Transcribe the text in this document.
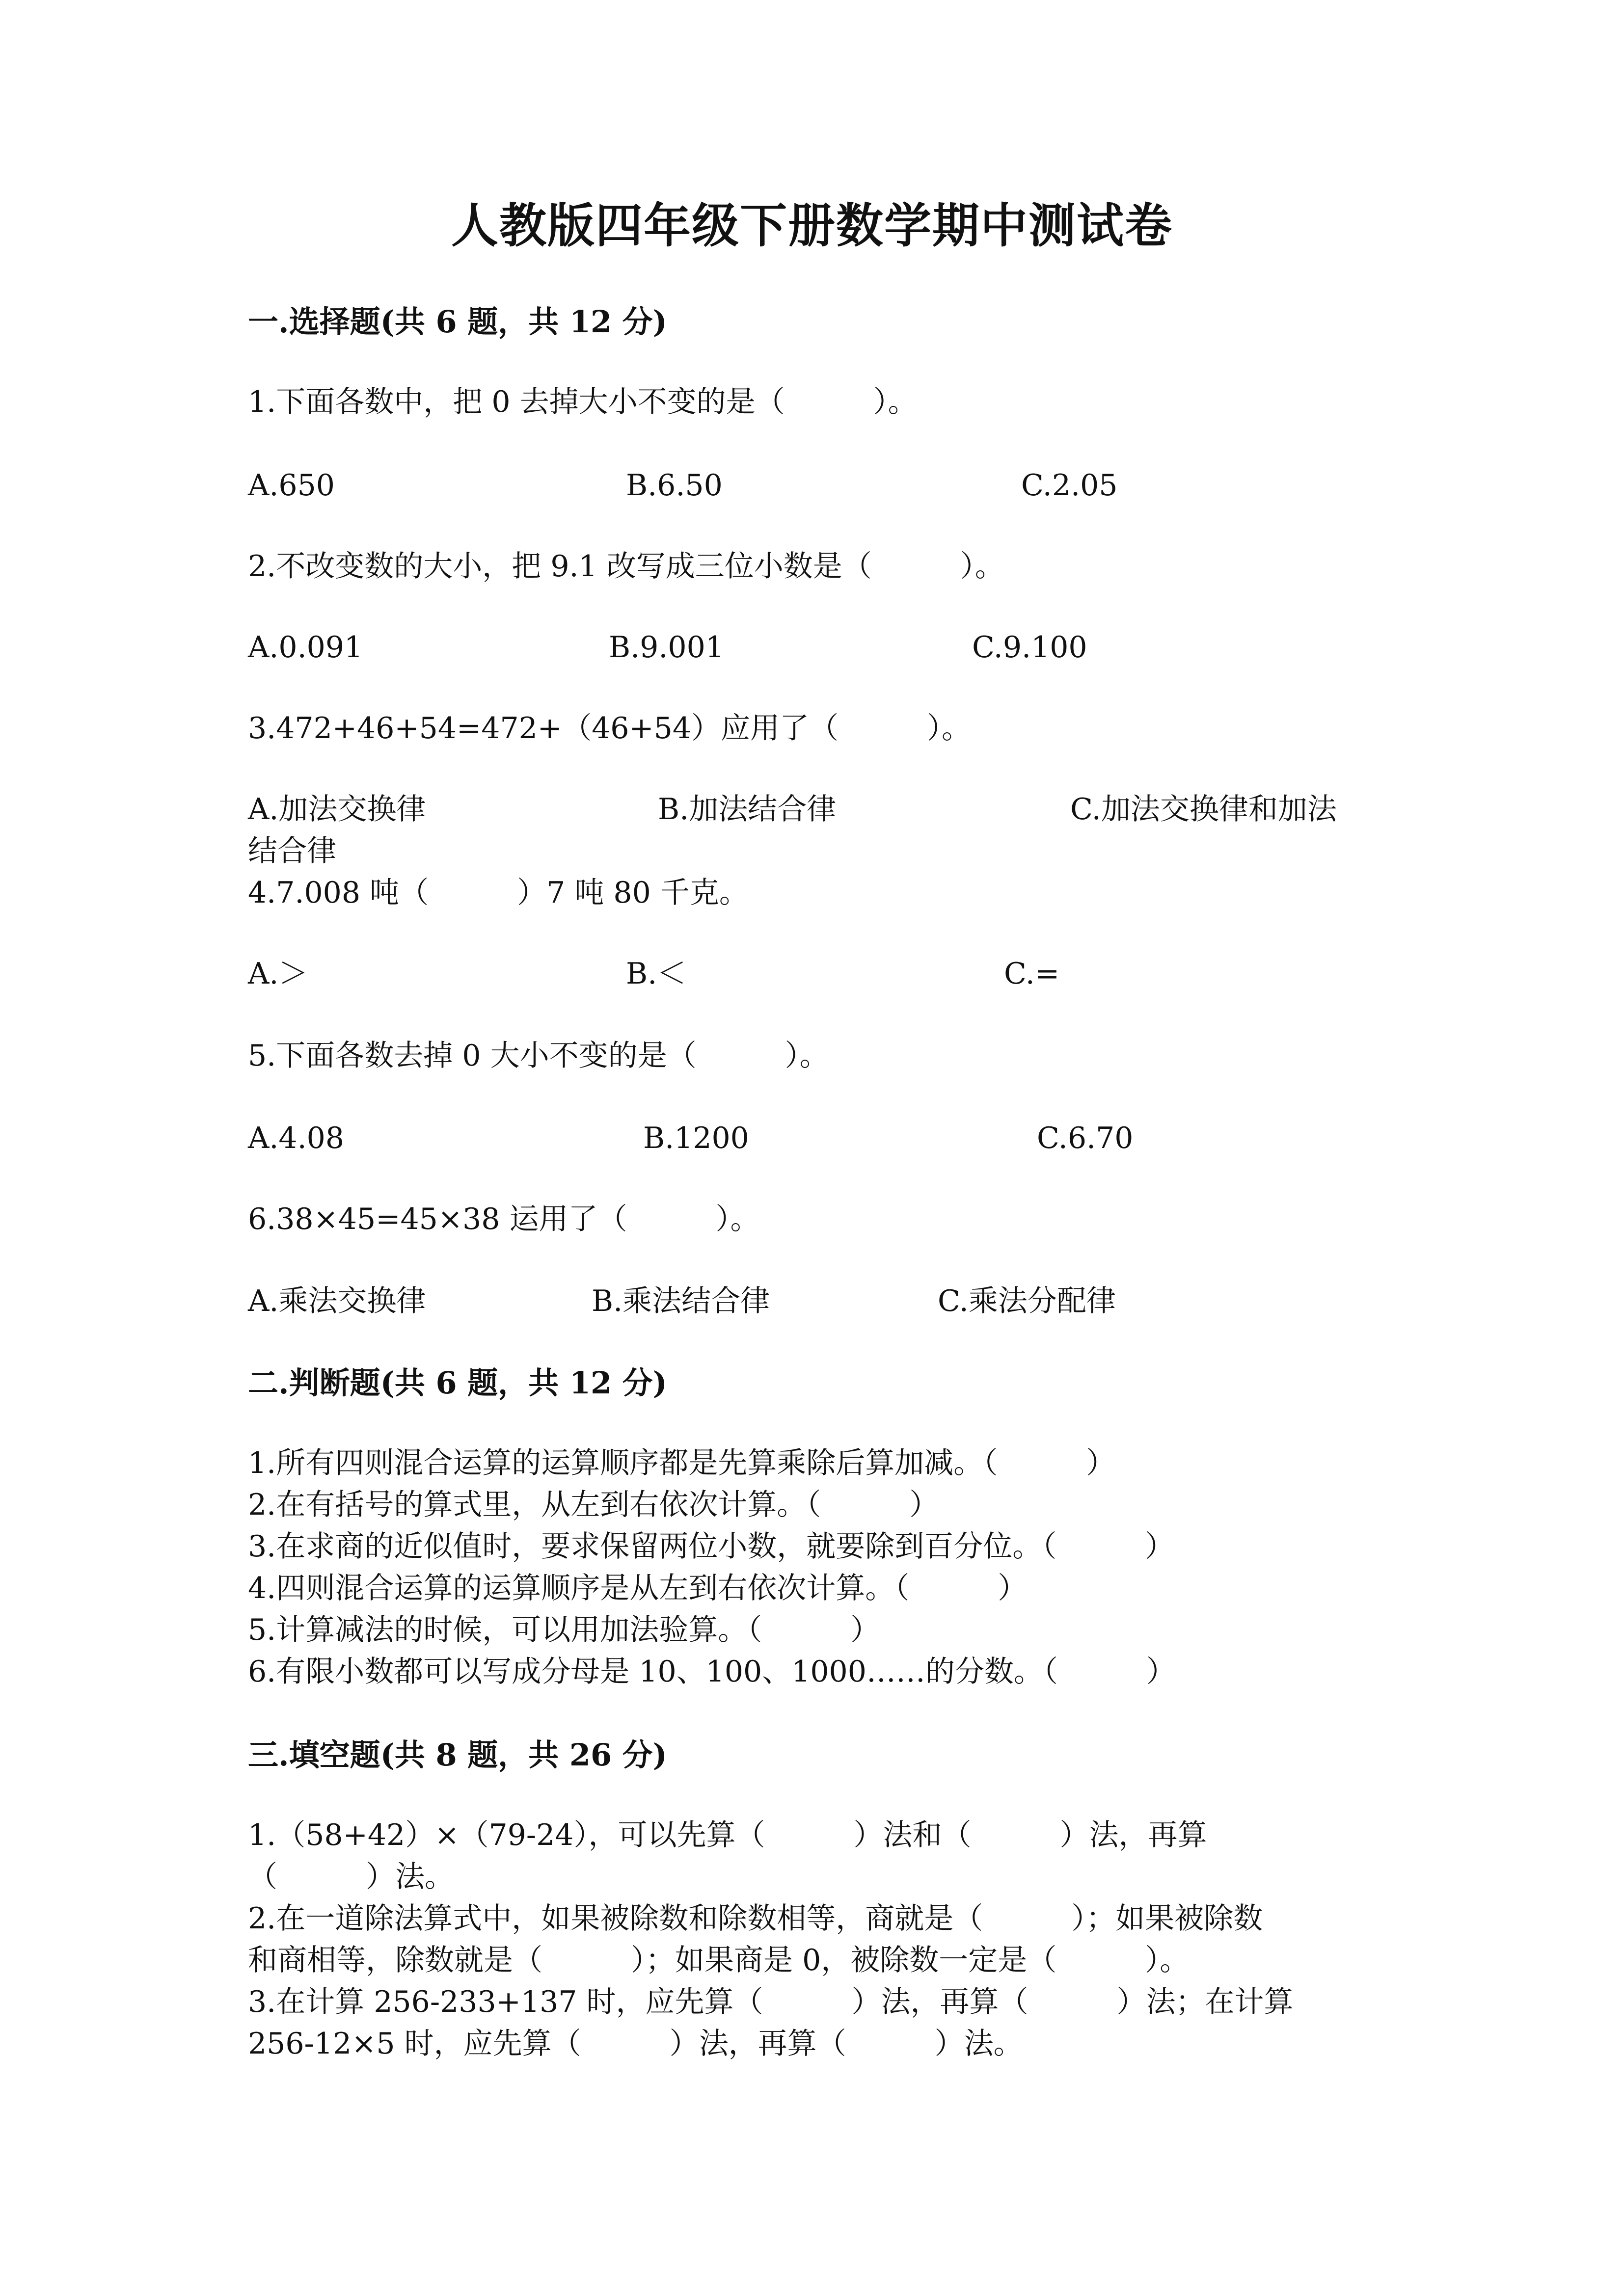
人教版四年级下册数学期中测试卷
一.选择题(共 6 题，共 12 分)
1.下面各数中，把 0 去掉大小不变的是（　　　）。
A.650	B.6.50	C.2.05
2.不改变数的大小，把 9.1 改写成三位小数是（　　　）。
A.0.091	B.9.001	C.9.100
3.472+46+54=472+（46+54）应用了（　　　）。
A.加法交换律	B.加法结合律	C.加法交换律和加法
结合律
4.7.008 吨（　　　）7 吨 80 千克。
A.＞	B.＜	C.=
5.下面各数去掉 0 大小不变的是（　　　）。
A.4.08	B.1200	C.6.70
6.38×45=45×38 运用了（　　　）。
A.乘法交换律	B.乘法结合律	C.乘法分配律
二.判断题(共 6 题，共 12 分)
1.所有四则混合运算的运算顺序都是先算乘除后算加减。（　　　）
2.在有括号的算式里，从左到右依次计算。（　　　）
3.在求商的近似值时，要求保留两位小数，就要除到百分位。（　　　）
4.四则混合运算的运算顺序是从左到右依次计算。（　　　）
5.计算减法的时候，可以用加法验算。（　　　）
6.有限小数都可以写成分母是 10、100、1000……的分数。（　　　）
三.填空题(共 8 题，共 26 分)
1.（58+42）×（79-24），可以先算（　　　）法和（　　　）法，再算
（　　　）法。
2.在一道除法算式中，如果被除数和除数相等，商就是（　　　）；如果被除数
和商相等，除数就是（　　　）；如果商是 0，被除数一定是（　　　）。
3.在计算 256-233+137 时，应先算（　　　）法，再算（　　　）法；在计算
256-12×5 时，应先算（　　　）法，再算（　　　）法。
